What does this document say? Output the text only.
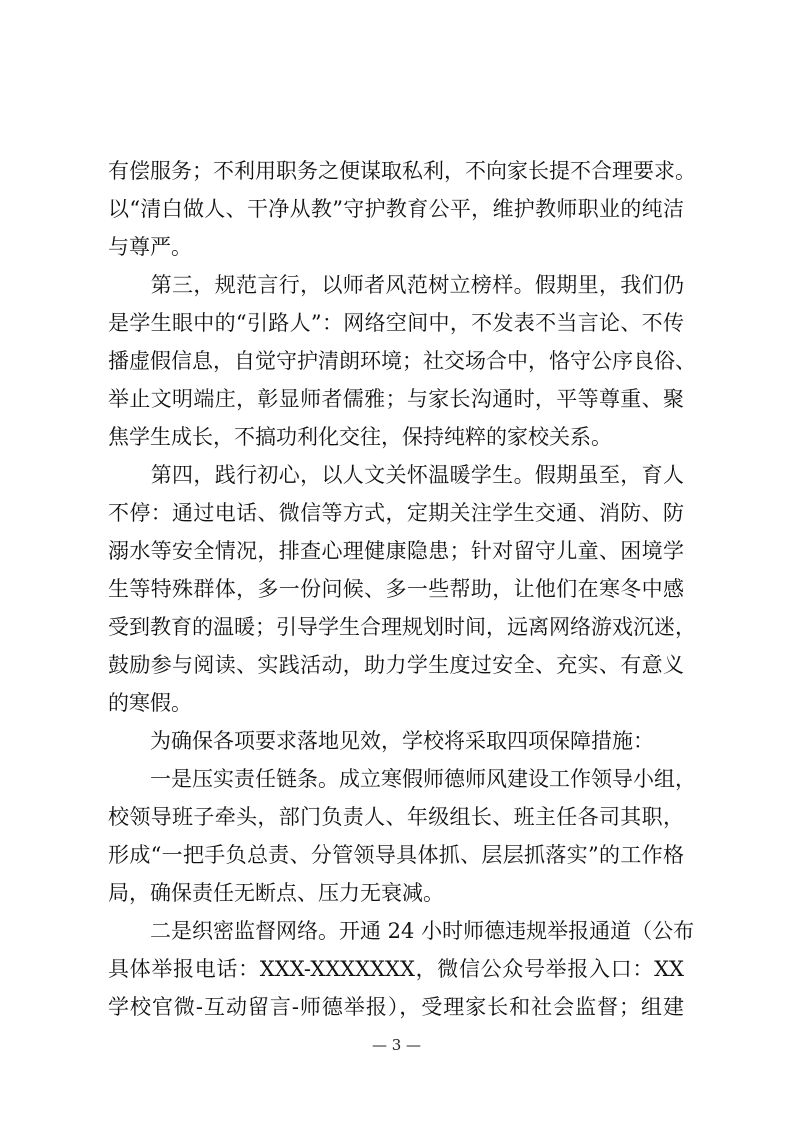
有偿服务；不利用职务之便谋取私利，不向家长提不合理要求。
以“清白做人、干净从教”守护教育公平，维护教师职业的纯洁
与尊严。
　　第三，规范言行，以师者风范树立榜样。假期里，我们仍
是学生眼中的“引路人”：网络空间中，不发表不当言论、不传
播虚假信息，自觉守护清朗环境；社交场合中，恪守公序良俗、
举止文明端庄，彰显师者儒雅；与家长沟通时，平等尊重、聚
焦学生成长，不搞功利化交往，保持纯粹的家校关系。
　　第四，践行初心，以人文关怀温暖学生。假期虽至，育人
不停：通过电话、微信等方式，定期关注学生交通、消防、防
溺水等安全情况，排查心理健康隐患；针对留守儿童、困境学
生等特殊群体，多一份问候、多一些帮助，让他们在寒冬中感
受到教育的温暖；引导学生合理规划时间，远离网络游戏沉迷，
鼓励参与阅读、实践活动，助力学生度过安全、充实、有意义
的寒假。
　　为确保各项要求落地见效，学校将采取四项保障措施：
　　一是压实责任链条。成立寒假师德师风建设工作领导小组，
校领导班子牵头，部门负责人、年级组长、班主任各司其职，
形成“一把手负总责、分管领导具体抓、层层抓落实”的工作格
局，确保责任无断点、压力无衰减。
　　二是织密监督网络。开通 24 小时师德违规举报通道（公布
具体举报电话：XXX-XXXXXXX，微信公众号举报入口：XX
学校官微-互动留言-师德举报），受理家长和社会监督；组建
— 3 —
